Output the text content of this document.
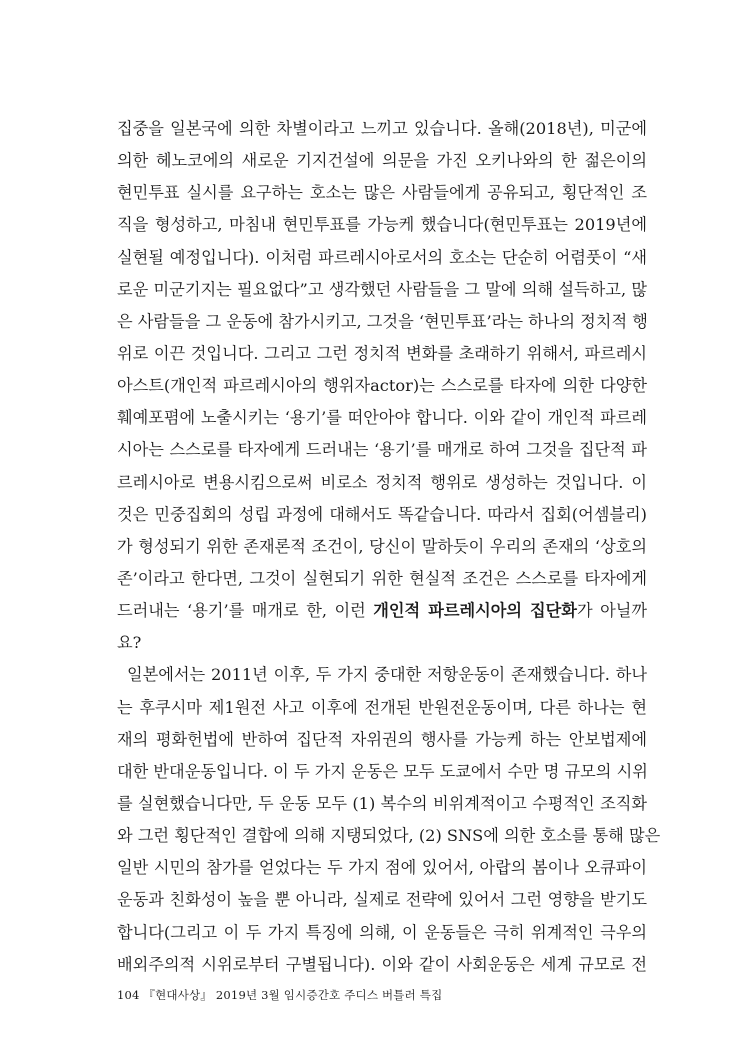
집중을 일본국에 의한 차별이라고 느끼고 있습니다. 올해(2018년), 미군에
의한 헤노코에의 새로운 기지건설에 의문을 가진 오키나와의 한 젊은이의
현민투표 실시를 요구하는 호소는 많은 사람들에게 공유되고, 횡단적인 조
직을 형성하고, 마침내 현민투표를 가능케 했습니다(현민투표는 2019년에
실현될 예정입니다). 이처럼 파르레시아로서의 호소는 단순히 어렴풋이 “새
로운 미군기지는 필요없다”고 생각했던 사람들을 그 말에 의해 설득하고, 많
은 사람들을 그 운동에 참가시키고, 그것을 ‘현민투표’라는 하나의 정치적 행
위로 이끈 것입니다. 그리고 그런 정치적 변화를 초래하기 위해서, 파르레시
아스트(개인적 파르레시아의 행위자actor)는 스스로를 타자에 의한 다양한
훼예포폄에 노출시키는 ‘용기’를 떠안아야 합니다. 이와 같이 개인적 파르레
시아는 스스로를 타자에게 드러내는 ‘용기’를 매개로 하여 그것을 집단적 파
르레시아로 변용시킴으로써 비로소 정치적 행위로 생성하는 것입니다. 이
것은 민중집회의 성립 과정에 대해서도 똑같습니다. 따라서 집회(어셈블리)
가 형성되기 위한 존재론적 조건이, 당신이 말하듯이 우리의 존재의 ‘상호의
존’이라고 한다면, 그것이 실현되기 위한 현실적 조건은 스스로를 타자에게
드러내는 ‘용기’를 매개로 한, 이런 개인적 파르레시아의 집단화가 아닐까
요?
일본에서는 2011년 이후, 두 가지 중대한 저항운동이 존재했습니다. 하나
는 후쿠시마 제1원전 사고 이후에 전개된 반원전운동이며, 다른 하나는 현
재의 평화헌법에 반하여 집단적 자위권의 행사를 가능케 하는 안보법제에
대한 반대운동입니다. 이 두 가지 운동은 모두 도쿄에서 수만 명 규모의 시위
를 실현했습니다만, 두 운동 모두 (1) 복수의 비위계적이고 수평적인 조직화
와 그런 횡단적인 결합에 의해 지탱되었다, (2) SNS에 의한 호소를 통해 많은
일반 시민의 참가를 얻었다는 두 가지 점에 있어서, 아랍의 봄이나 오큐파이
운동과 친화성이 높을 뿐 아니라, 실제로 전략에 있어서 그런 영향을 받기도
합니다(그리고 이 두 가지 특징에 의해, 이 운동들은 극히 위계적인 극우의
배외주의적 시위로부터 구별됩니다). 이와 같이 사회운동은 세계 규모로 전
104 『현대사상』 2019년 3월 임시증간호 주디스 버틀러 특집
